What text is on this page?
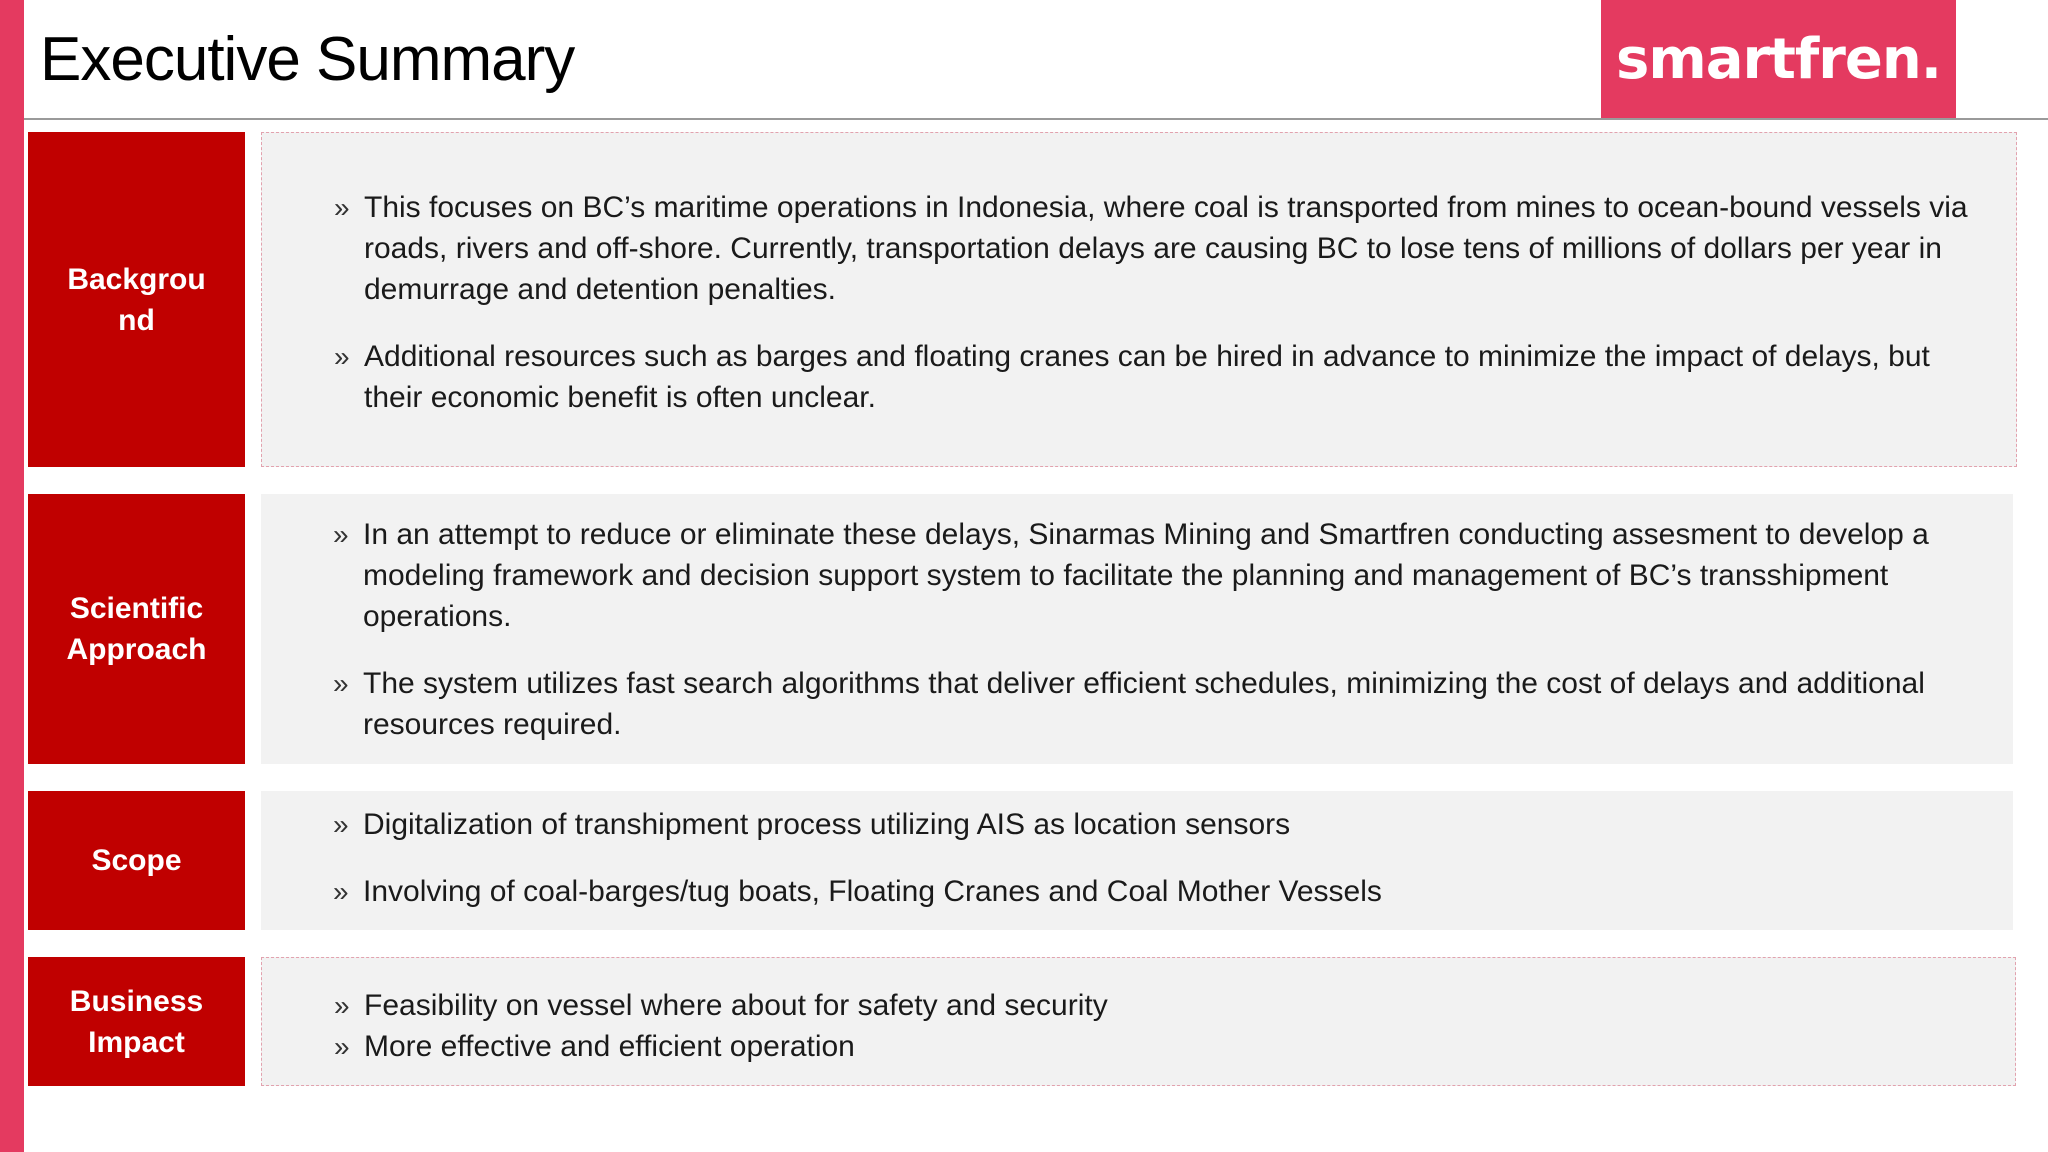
Executive Summary	smartfren.
Background
» This focuses on BC’s maritime operations in Indonesia, where coal is transported from mines to ocean-bound vessels via roads, rivers and off-shore. Currently, transportation delays are causing BC to lose tens of millions of dollars per year in demurrage and detention penalties.
» Additional resources such as barges and floating cranes can be hired in advance to minimize the impact of delays, but their economic benefit is often unclear.
Scientific Approach
» In an attempt to reduce or eliminate these delays, Sinarmas Mining and Smartfren conducting assesment to develop a modeling framework and decision support system to facilitate the planning and management of BC’s transshipment operations.
» The system utilizes fast search algorithms that deliver efficient schedules, minimizing the cost of delays and additional resources required.
Scope
» Digitalization of transhipment process utilizing AIS as location sensors
» Involving of coal-barges/tug boats, Floating Cranes and Coal Mother Vessels
Business Impact
» Feasibility on vessel where about for safety and security
» More effective and efficient operation
